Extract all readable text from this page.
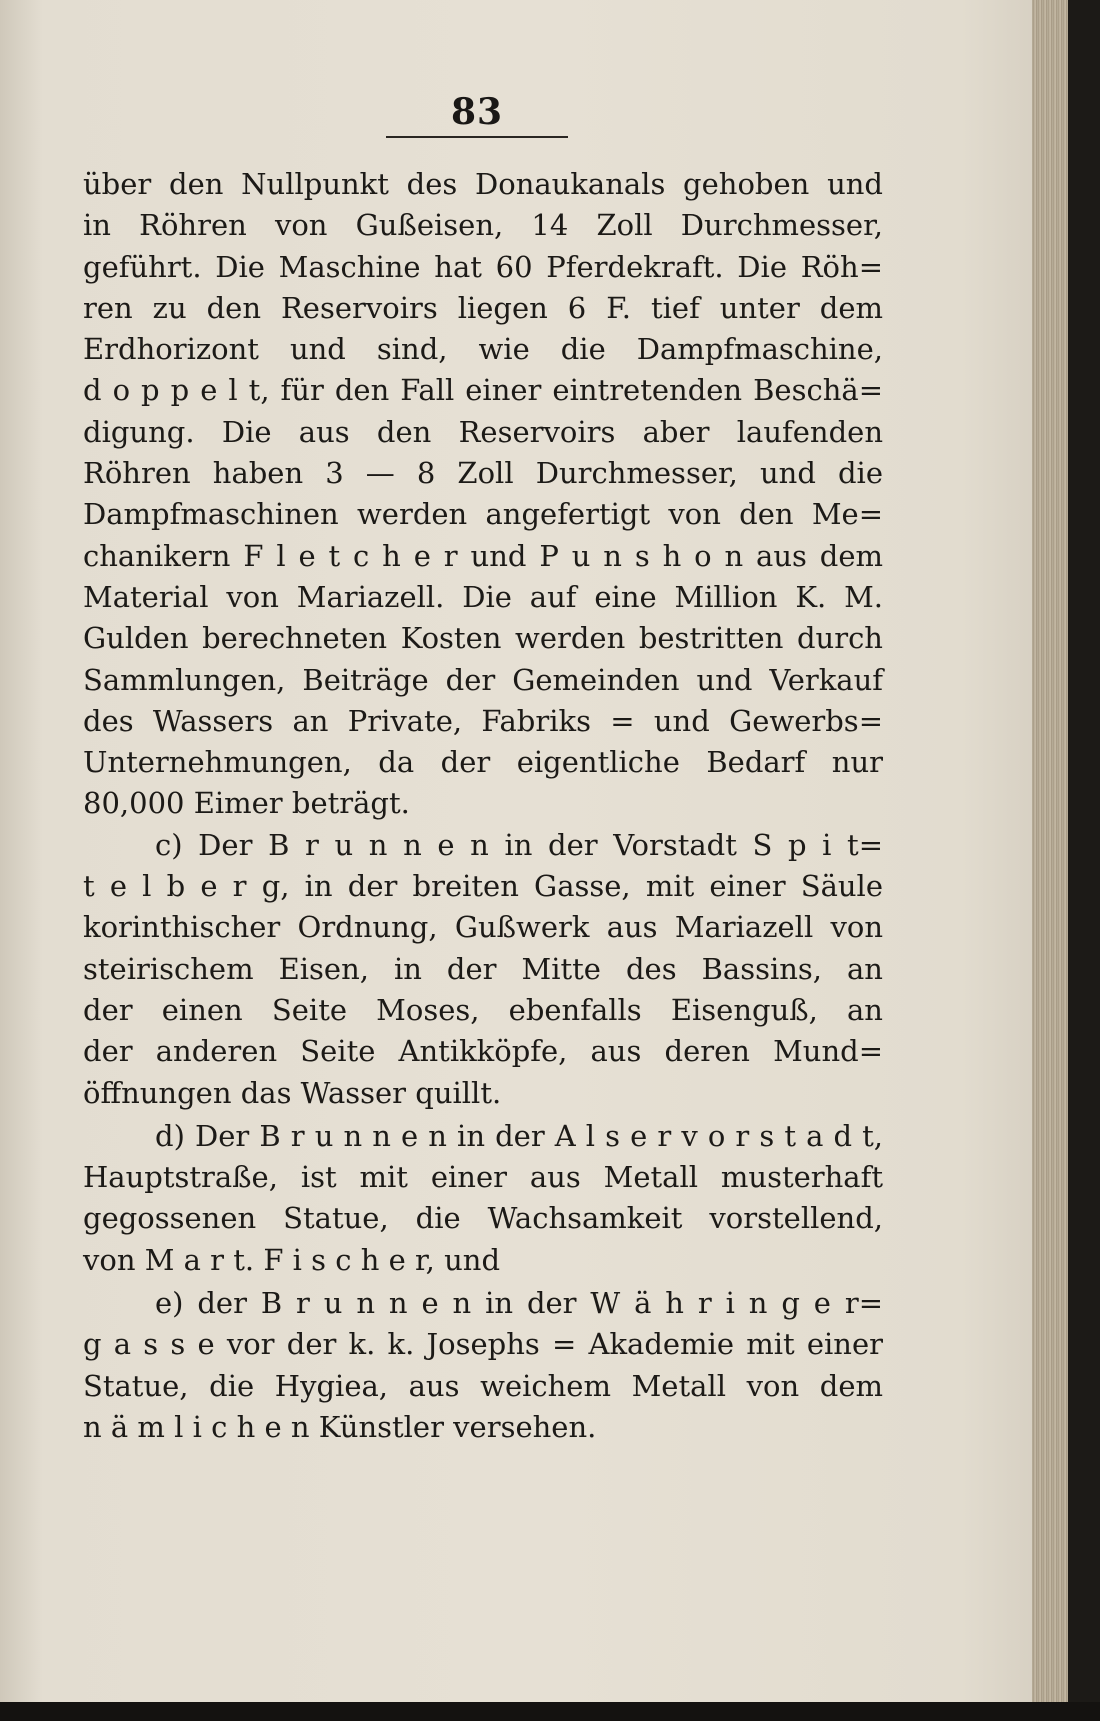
83
über den Nullpunkt des Donaukanals gehoben und
in Röhren von Gußeisen, 14 Zoll Durchmesser,
geführt. Die Maschine hat 60 Pferdekraft. Die Röh=
ren zu den Reservoirs liegen 6 F. tief unter dem
Erdhorizont und sind, wie die Dampfmaschine,
d o p p e l t, für den Fall einer eintretenden Beschä=
digung. Die aus den Reservoirs aber laufenden
Röhren haben 3 — 8 Zoll Durchmesser, und die
Dampfmaschinen werden angefertigt von den Me=
chanikern F l e t c h e r und P u n s h o n aus dem
Material von Mariazell. Die auf eine Million K. M.
Gulden berechneten Kosten werden bestritten durch
Sammlungen, Beiträge der Gemeinden und Verkauf
des Wassers an Private, Fabriks = und Gewerbs=
Unternehmungen, da der eigentliche Bedarf nur
80,000 Eimer beträgt.
c) Der B r u n n e n in der Vorstadt S p i t=
t e l b e r g, in der breiten Gasse, mit einer Säule
korinthischer Ordnung, Gußwerk aus Mariazell von
steirischem Eisen, in der Mitte des Bassins, an
der einen Seite Moses, ebenfalls Eisenguß, an
der anderen Seite Antikköpfe, aus deren Mund=
öffnungen das Wasser quillt.
d) Der B r u n n e n in der A l s e r v o r s t a d t,
Hauptstraße, ist mit einer aus Metall musterhaft
gegossenen Statue, die Wachsamkeit vorstellend,
von M a r t. F i s c h e r, und
e) der B r u n n e n in der W ä h r i n g e r=
g a s s e vor der k. k. Josephs = Akademie mit einer
Statue, die Hygiea, aus weichem Metall von dem
n ä m l i c h e n Künstler versehen.
